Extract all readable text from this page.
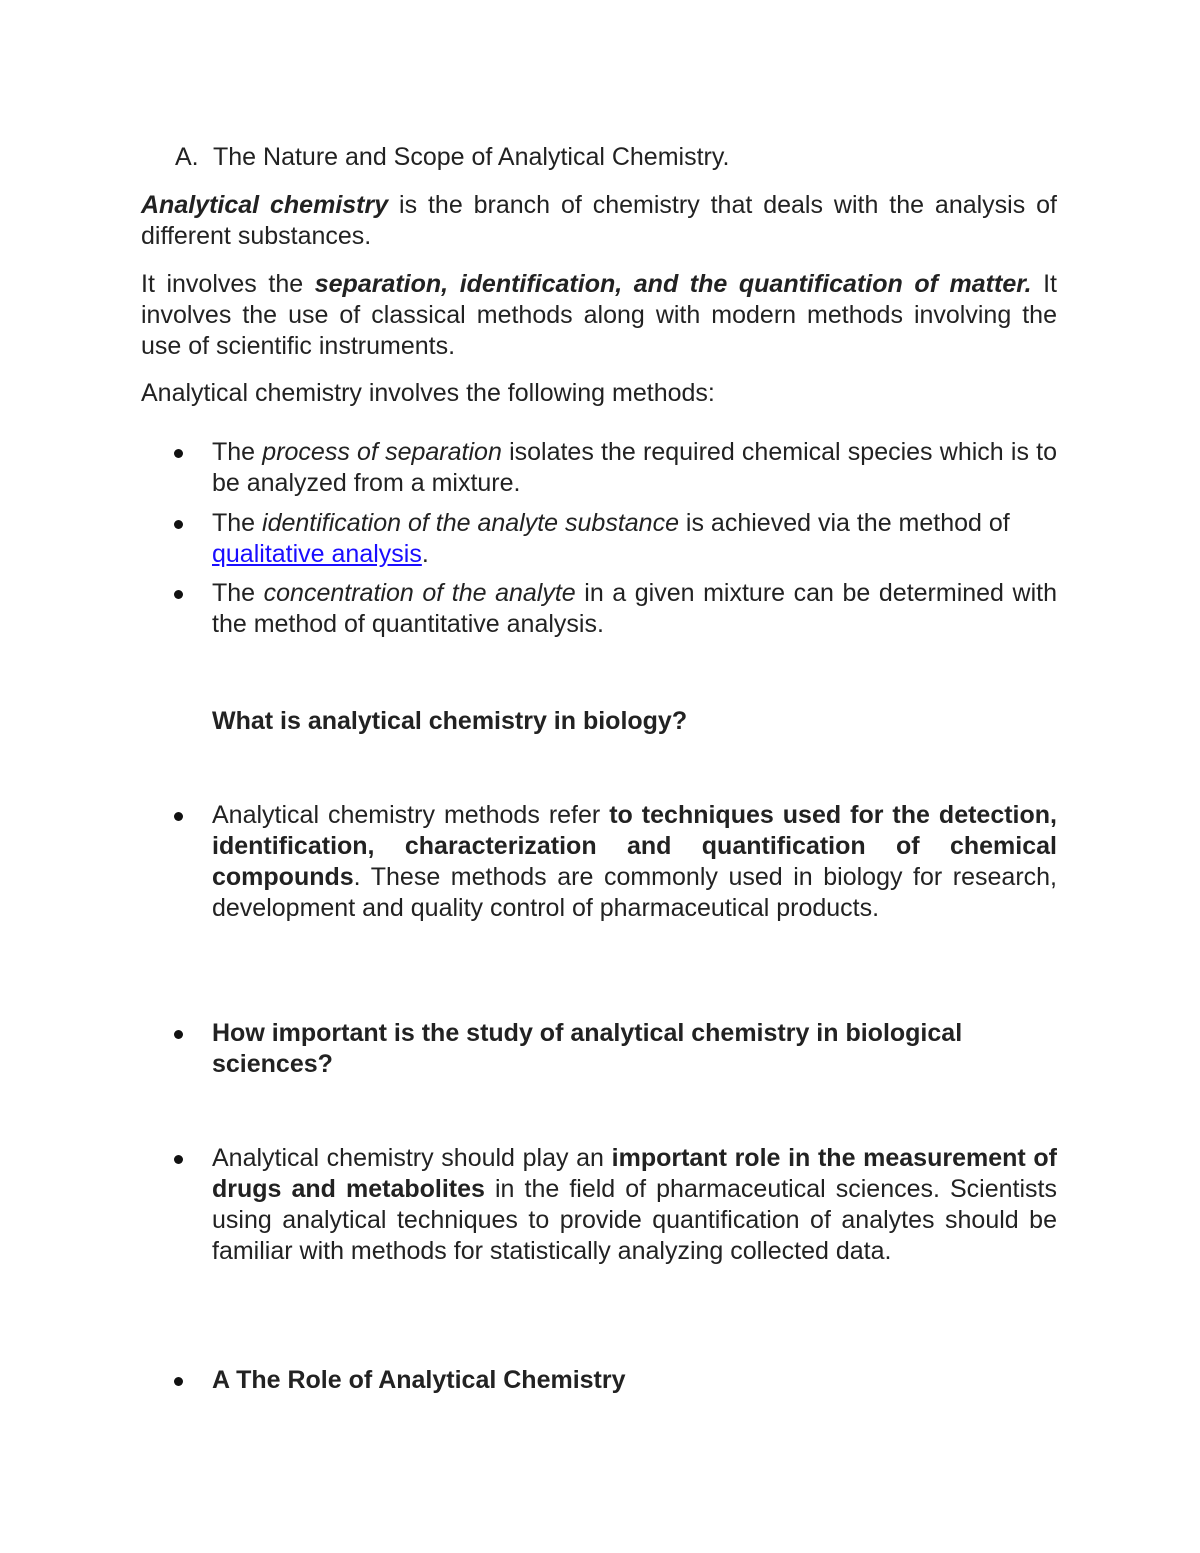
A. The Nature and Scope of Analytical Chemistry.

Analytical chemistry is the branch of chemistry that deals with the analysis of different substances.

It involves the separation, identification, and the quantification of matter. It involves the use of classical methods along with modern methods involving the use of scientific instruments.

Analytical chemistry involves the following methods:

The process of separation isolates the required chemical species which is to be analyzed from a mixture.

The identification of the analyte substance is achieved via the method of qualitative analysis.

The concentration of the analyte in a given mixture can be determined with the method of quantitative analysis.

What is analytical chemistry in biology?

Analytical chemistry methods refer to techniques used for the detection, identification, characterization and quantification of chemical compounds. These methods are commonly used in biology for research, development and quality control of pharmaceutical products.

How important is the study of analytical chemistry in biological sciences?

Analytical chemistry should play an important role in the measurement of drugs and metabolites in the field of pharmaceutical sciences. Scientists using analytical techniques to provide quantification of analytes should be familiar with methods for statistically analyzing collected data.

A The Role of Analytical Chemistry
